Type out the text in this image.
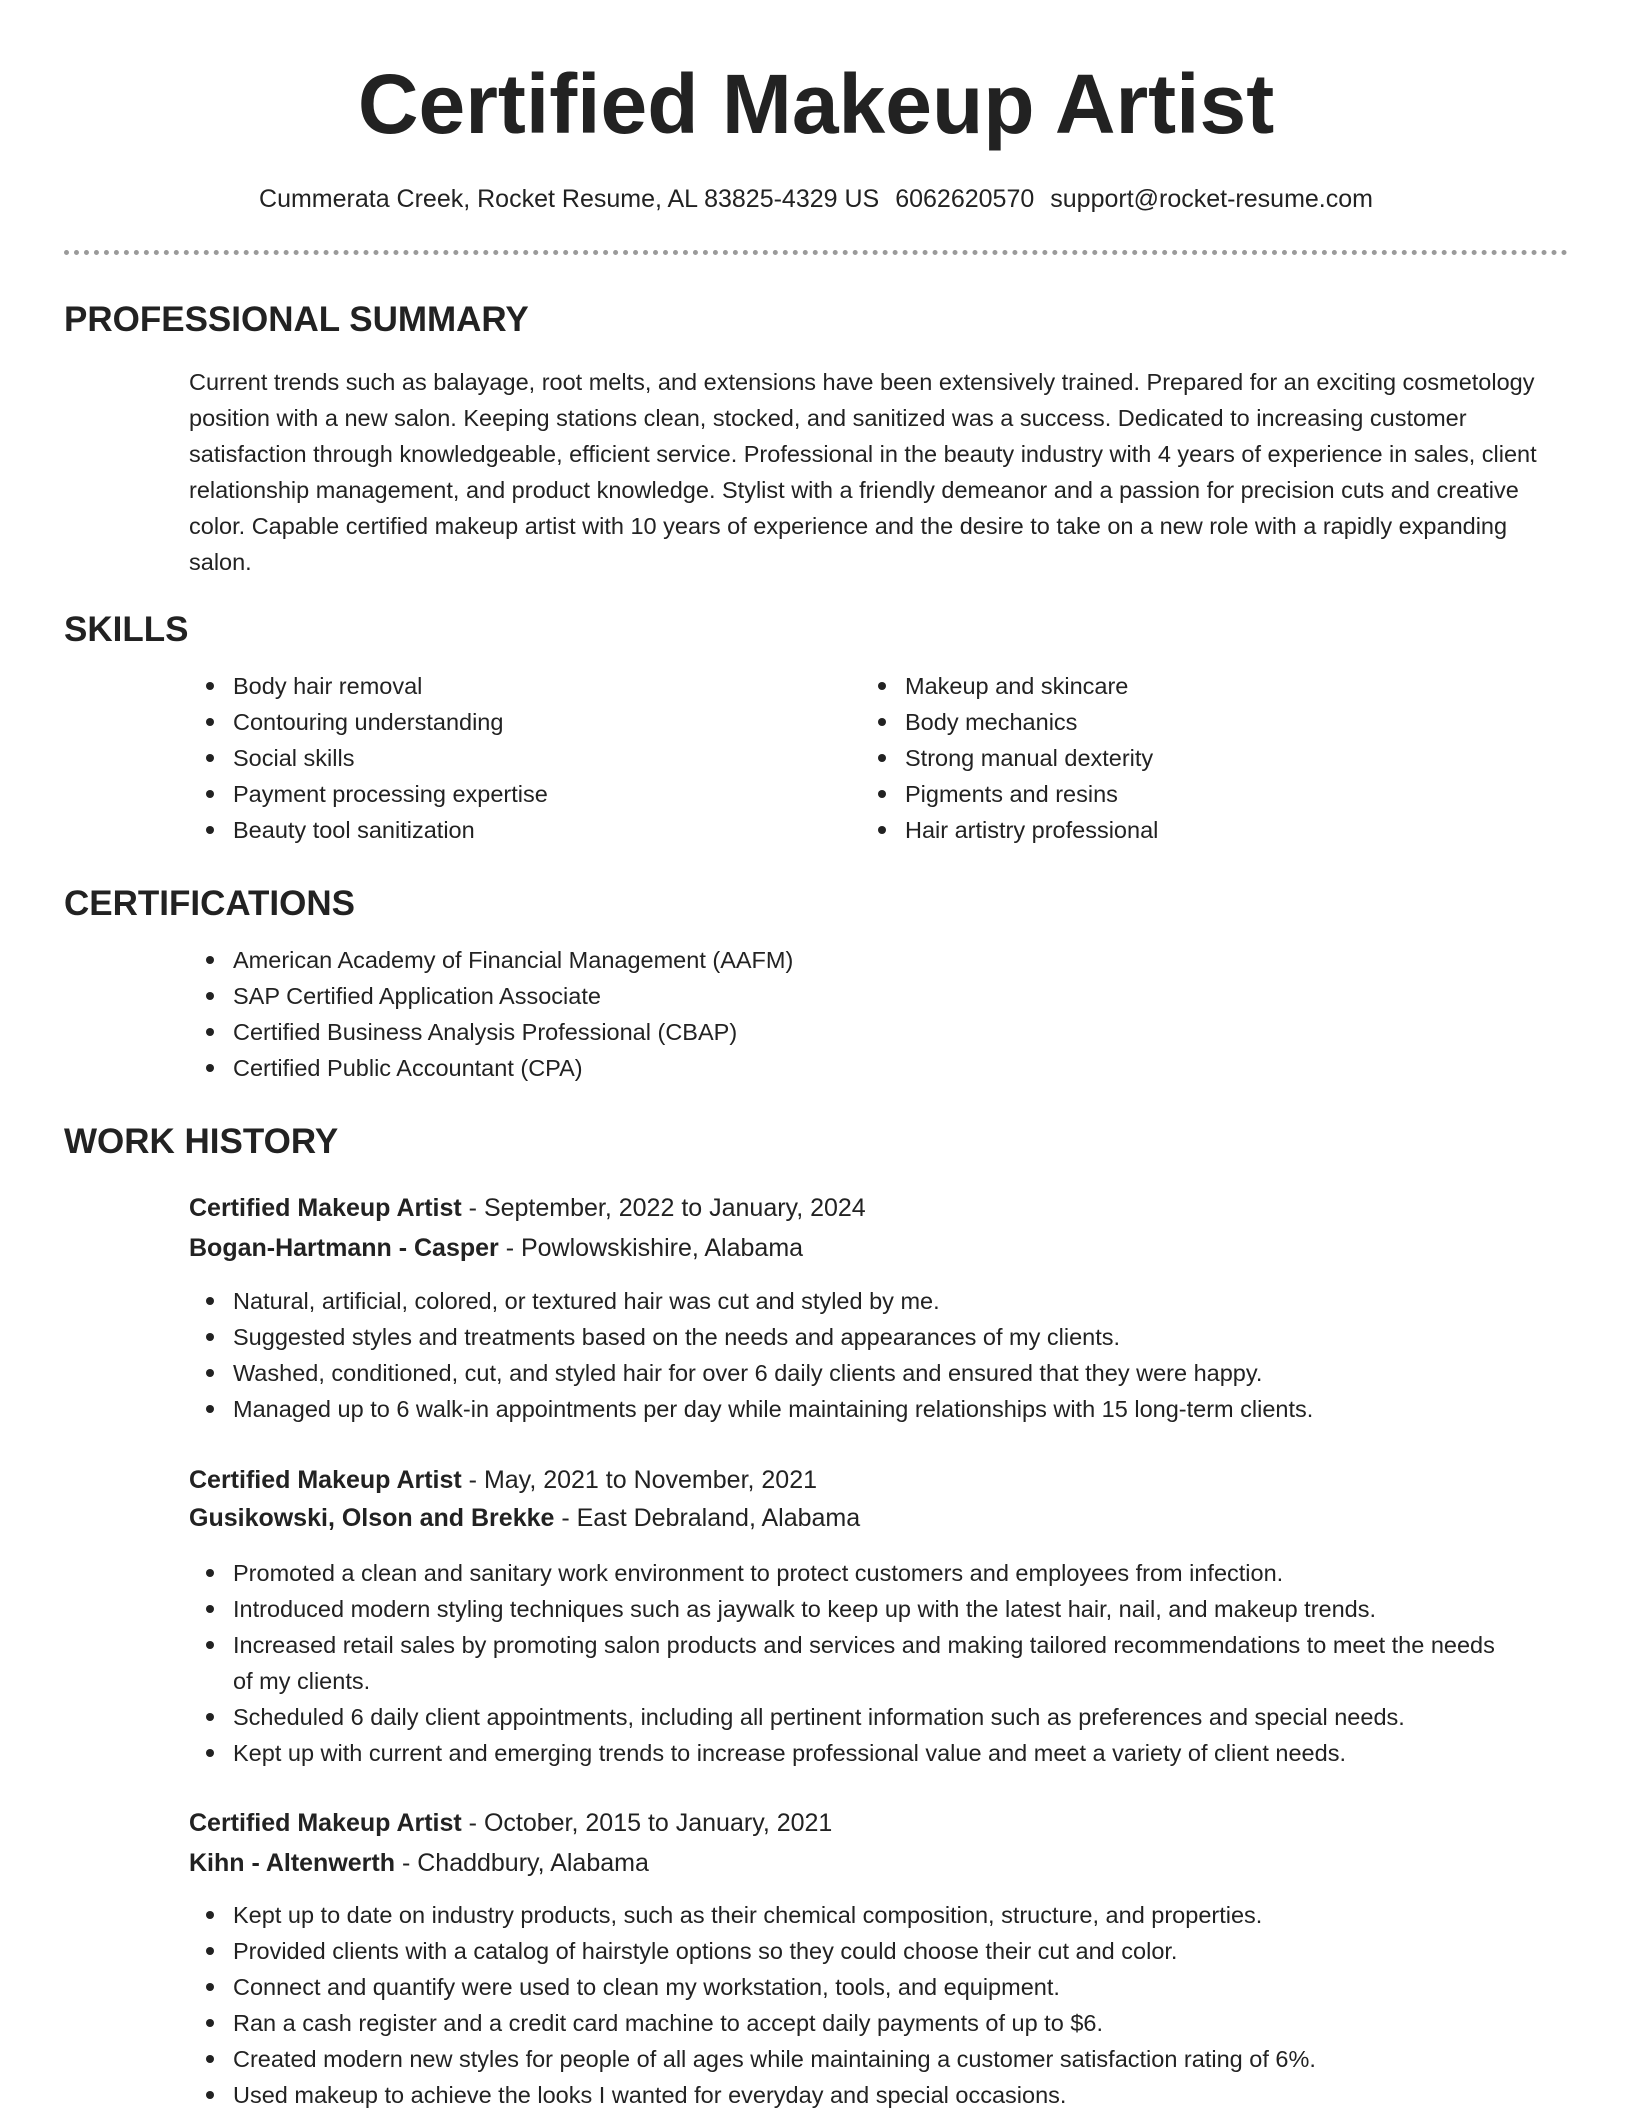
Certified Makeup Artist
Cummerata Creek, Rocket Resume, AL 83825-4329 US 6062620570 support@rocket-resume.com
PROFESSIONAL SUMMARY
Current trends such as balayage, root melts, and extensions have been extensively trained. Prepared for an exciting cosmetology position with a new salon. Keeping stations clean, stocked, and sanitized was a success. Dedicated to increasing customer satisfaction through knowledgeable, efficient service. Professional in the beauty industry with 4 years of experience in sales, client relationship management, and product knowledge. Stylist with a friendly demeanor and a passion for precision cuts and creative color. Capable certified makeup artist with 10 years of experience and the desire to take on a new role with a rapidly expanding salon.
SKILLS
Body hair removal
Contouring understanding
Social skills
Payment processing expertise
Beauty tool sanitization
Makeup and skincare
Body mechanics
Strong manual dexterity
Pigments and resins
Hair artistry professional
CERTIFICATIONS
American Academy of Financial Management (AAFM)
SAP Certified Application Associate
Certified Business Analysis Professional (CBAP)
Certified Public Accountant (CPA)
WORK HISTORY
Certified Makeup Artist - September, 2022 to January, 2024
Bogan-Hartmann - Casper - Powlowskishire, Alabama
Natural, artificial, colored, or textured hair was cut and styled by me.
Suggested styles and treatments based on the needs and appearances of my clients.
Washed, conditioned, cut, and styled hair for over 6 daily clients and ensured that they were happy.
Managed up to 6 walk-in appointments per day while maintaining relationships with 15 long-term clients.
Certified Makeup Artist - May, 2021 to November, 2021
Gusikowski, Olson and Brekke - East Debraland, Alabama
Promoted a clean and sanitary work environment to protect customers and employees from infection.
Introduced modern styling techniques such as jaywalk to keep up with the latest hair, nail, and makeup trends.
Increased retail sales by promoting salon products and services and making tailored recommendations to meet the needs of my clients.
Scheduled 6 daily client appointments, including all pertinent information such as preferences and special needs.
Kept up with current and emerging trends to increase professional value and meet a variety of client needs.
Certified Makeup Artist - October, 2015 to January, 2021
Kihn - Altenwerth - Chaddbury, Alabama
Kept up to date on industry products, such as their chemical composition, structure, and properties.
Provided clients with a catalog of hairstyle options so they could choose their cut and color.
Connect and quantify were used to clean my workstation, tools, and equipment.
Ran a cash register and a credit card machine to accept daily payments of up to $6.
Created modern new styles for people of all ages while maintaining a customer satisfaction rating of 6%.
Used makeup to achieve the looks I wanted for everyday and special occasions.
